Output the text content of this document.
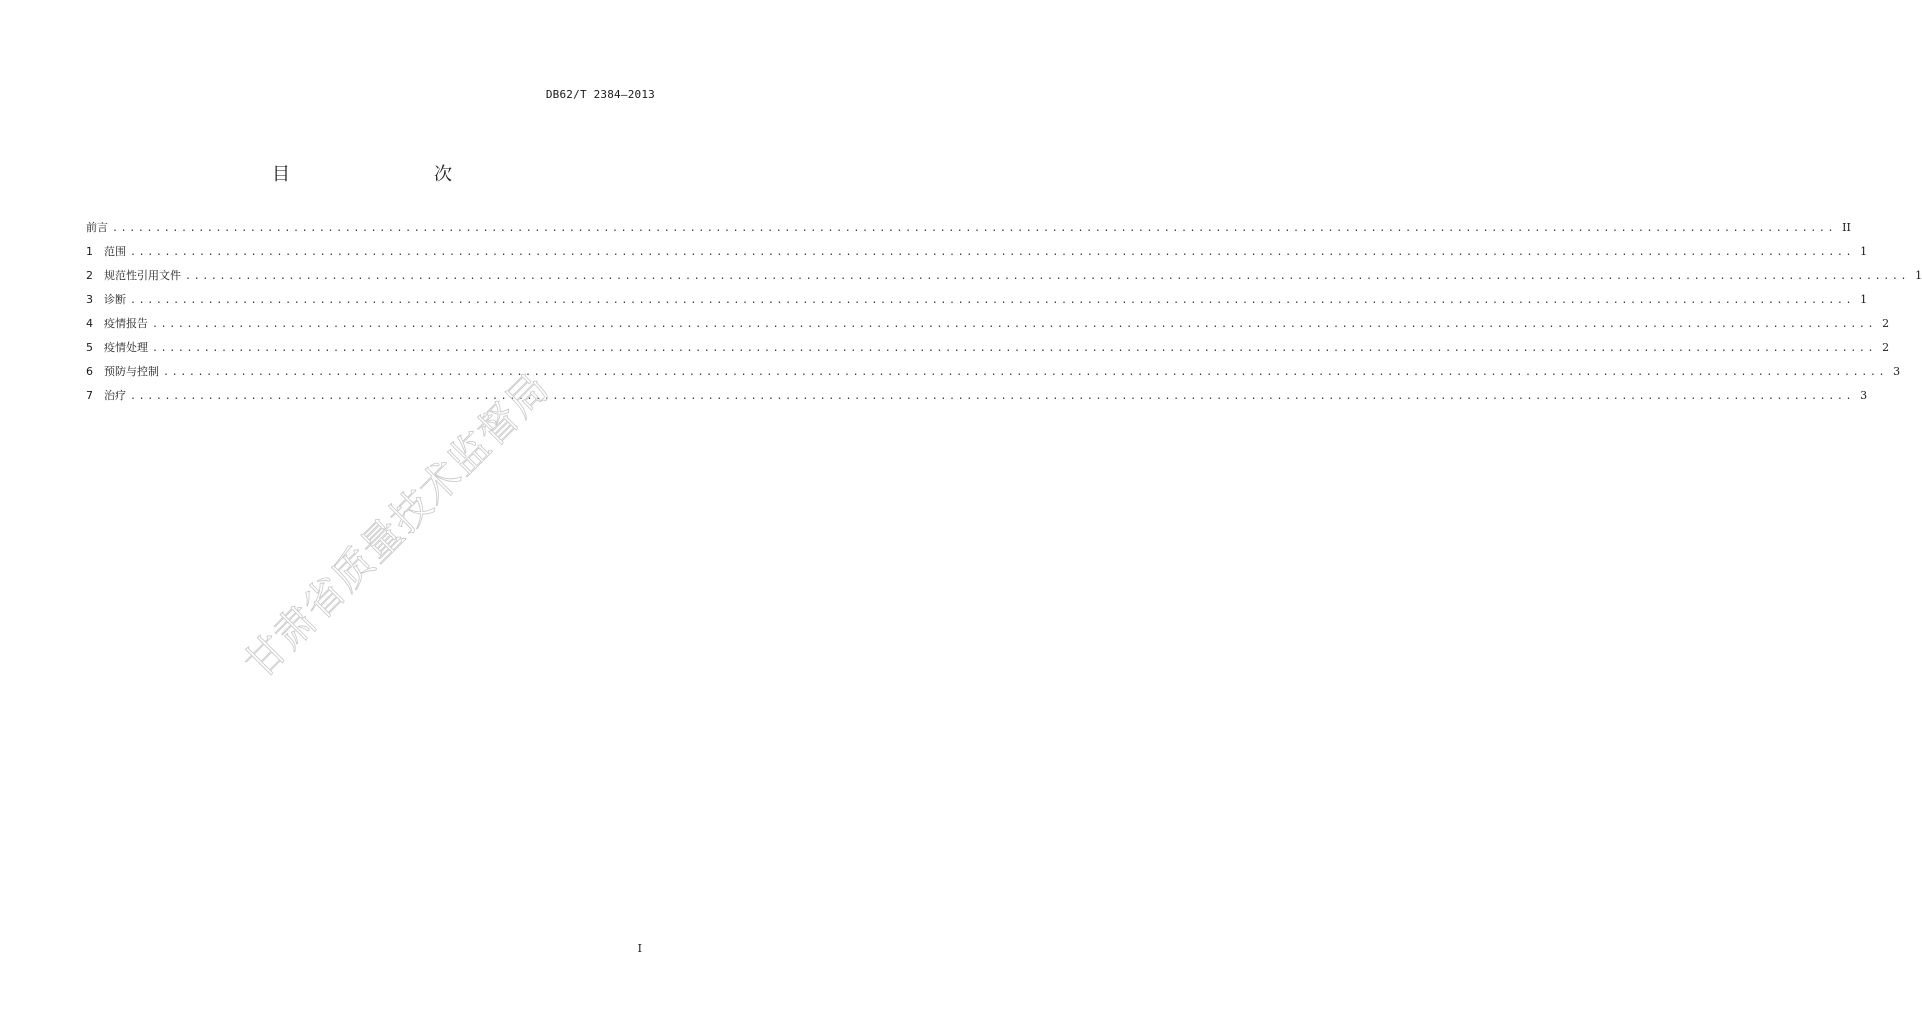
DB62/T 2384—2013
目　　次
前言 ........................................................................................................................................................................................................ II
1	范围 ........................................................................................................................................................................................................ 1
2	规范性引用文件 ........................................................................................................................................................................................................ 1
3	诊断 ........................................................................................................................................................................................................ 1
4	疫情报告 ........................................................................................................................................................................................................ 2
5	疫情处理 ........................................................................................................................................................................................................ 2
6	预防与控制 ........................................................................................................................................................................................................ 3
7	治疗 ........................................................................................................................................................................................................ 3
甘肃省质量技术监督局
I
